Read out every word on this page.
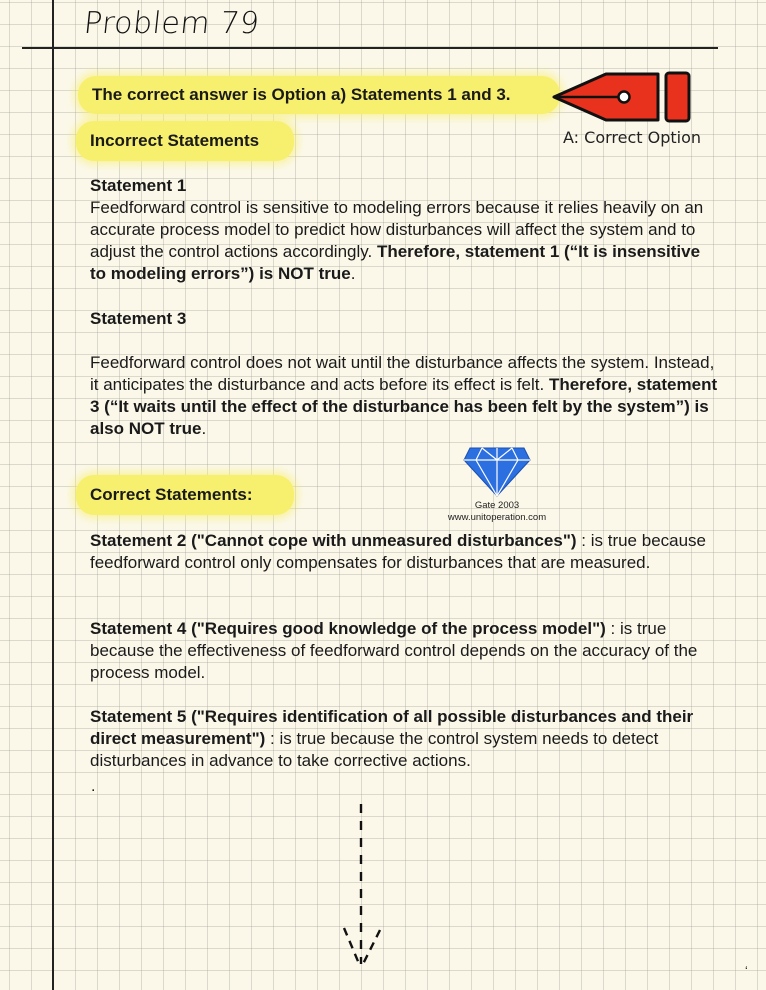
Problem 79
The correct answer is Option a) Statements 1 and 3.
A: Correct Option
Incorrect Statements
Statement 1
Feedforward control is sensitive to modeling errors because it relies heavily on an accurate process model to predict how disturbances will affect the system and to adjust the control actions accordingly. Therefore, statement 1 (“It is insensitive to modeling errors”) is NOT true.
Statement 3
Feedforward control does not wait until the disturbance affects the system. Instead, it anticipates the disturbance and acts before its effect is felt. Therefore, statement 3 (“It waits until the effect of the disturbance has been felt by the system”) is also NOT true.
Gate 2003
www.unitoperation.com
Correct Statements:
Statement 2 ("Cannot cope with unmeasured disturbances") : is true because feedforward control only compensates for disturbances that are measured.
Statement 4 ("Requires good knowledge of the process model") : is true because the effectiveness of feedforward control depends on the accuracy of the process model.
Statement 5 ("Requires identification of all possible disturbances and their direct measurement") : is true because the control system needs to detect disturbances in advance to take corrective actions.
.
ʻ
